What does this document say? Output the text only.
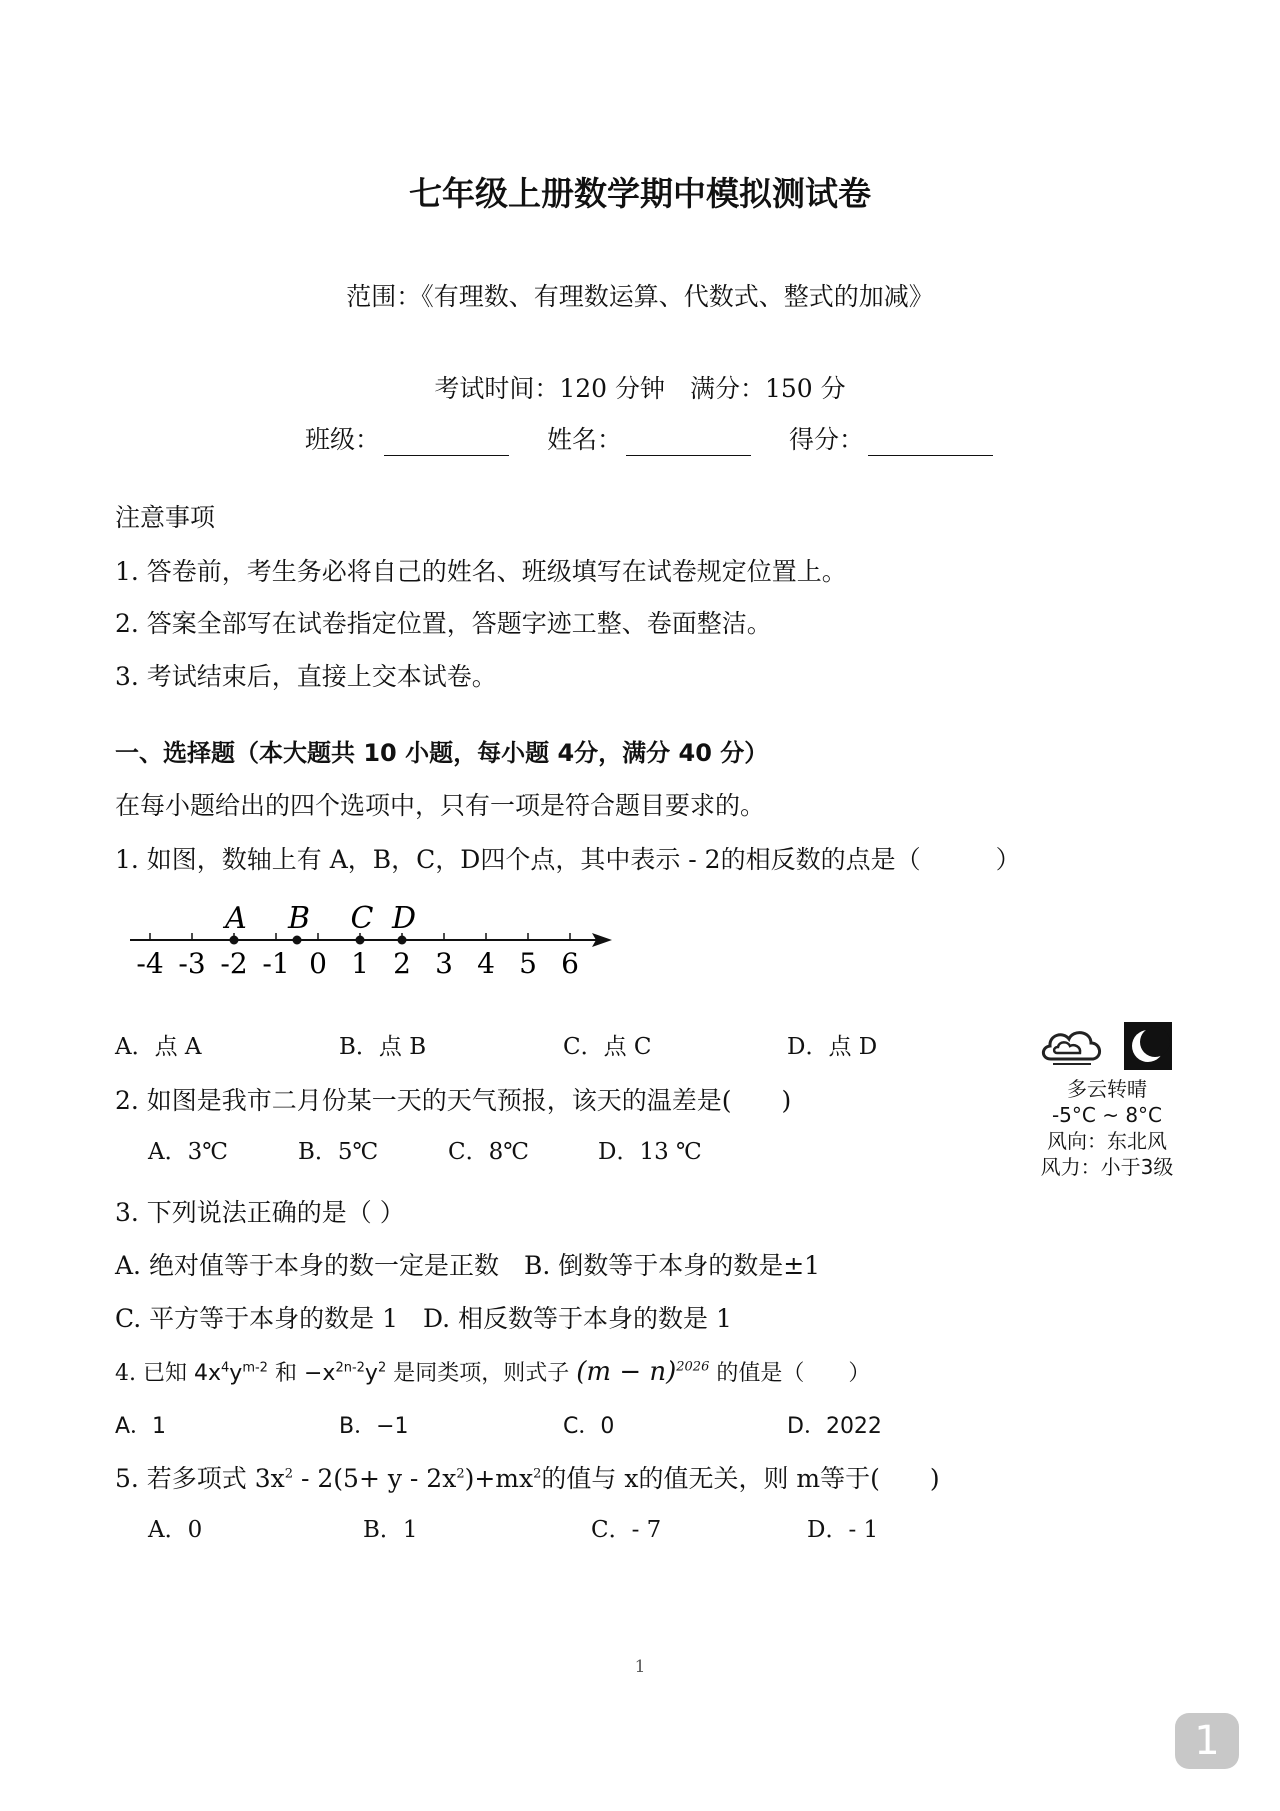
七年级上册数学期中模拟测试卷
范围：《有理数、有理数运算、代数式、整式的加减》
考试时间：120 分钟　满分：150 分
班级：	姓名：	得分：
注意事项
1. 答卷前，考生务必将自己的姓名、班级填写在试卷规定位置上。
2. 答案全部写在试卷指定位置，答题字迹工整、卷面整洁。
3. 考试结束后，直接上交本试卷。
一、选择题（本大题共 10 小题，每小题 4分，满分 40 分）
在每小题给出的四个选项中，只有一项是符合题目要求的。
1. 如图，数轴上有 A，B，C，D四个点，其中表示 - 2的相反数的点是（　　　）
-4 -3 -2 -1 0 1 2 3 4 5 6
A B C D
A．点 A	B．点 B	C．点 C	D．点 D
2. 如图是我市二月份某一天的天气预报，该天的温差是(　　)
A．3℃	B．5℃	C．8℃	D．13 ℃
多云转晴
-5°C ~ 8°C
风向：东北风
风力：小于3级
3. 下列说法正确的是（ ）
A. 绝对值等于本身的数一定是正数　B. 倒数等于本身的数是±1
C. 平方等于本身的数是 1　D. 相反数等于本身的数是 1
4. 已知 $4x^4y^{m-2}$ 和 $-x^{2n-2}y^2$ 是同类项，则式子 $(m - n)^{2026}$ 的值是（　　）
A．1	B．−1	C．0	D．2022
5. 若多项式 $3x^2 - 2(5+ y - 2x^2)+mx^2$的值与 x的值无关，则 m等于(　　)
A．0	B．1	C．- 7	D．- 1
1
1
